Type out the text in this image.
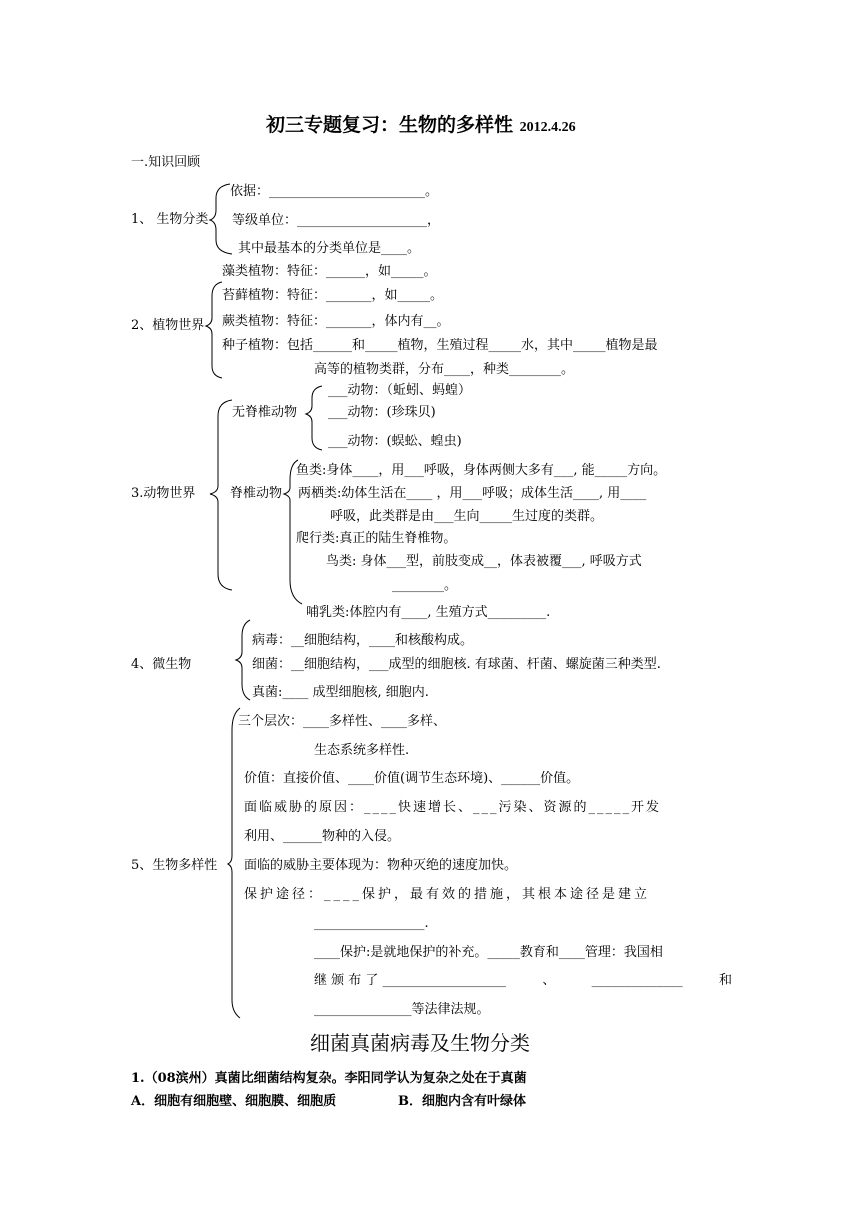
初三专题复习：生物的多样性 2012.4.26
一.知识回顾
1、 生物分类
依据：________________________。
等级单位：____________________，
其中最基本的分类单位是____。
2、植物世界
藻类植物：特征：______，如_____。
苔藓植物：特征：_______，如_____。
蕨类植物：特征：_______，体内有__。
种子植物：包括______和_____植物，生殖过程_____水，其中_____植物是最
高等的植物类群，分布____，种类________。
3.动物世界
无脊椎动物
___动物：（蚯蚓、蚂蝗）
___动物：(珍珠贝)
___动物：(蜈蚣、蝗虫)
脊椎动物
鱼类:身体____，用___呼吸，身体两侧大多有___, 能_____方向。
两栖类:幼体生活在____ ，用___呼吸；成体生活____, 用____
呼吸，此类群是由___生向_____生过度的类群。
爬行类:真正的陆生脊椎物。
鸟类: 身体___型，前肢变成__，体表被覆___, 呼吸方式
________。
哺乳类:体腔内有____, 生殖方式_________.
4、微生物
病毒：__细胞结构，____和核酸构成。
细菌：__细胞结构，___成型的细胞核. 有球菌、杆菌、螺旋菌三种类型.
真菌:____ 成型细胞核, 细胞内.
5、生物多样性
三个层次：____多样性、____多样、
生态系统多样性.
价值：直接价值、____价值(调节生态环境)、______价值。
面临威胁的原因：____快速增长、___污染、资源的_____开发
利用、______物种的入侵。
面临的威胁主要体现为：物种灭绝的速度加快。
保护途径：____保护，最有效的措施，其根本途径是建立
_________________.
____保护:是就地保护的补充。_____教育和____管理：我国相
继 颁 布 了 ___________________	、	______________	和
_______________等法律法规。
细菌真菌病毒及生物分类
1.（08滨州）真菌比细菌结构复杂。李阳同学认为复杂之处在于真菌
A．细胞有细胞壁、细胞膜、细胞质	B．细胞内含有叶绿体
